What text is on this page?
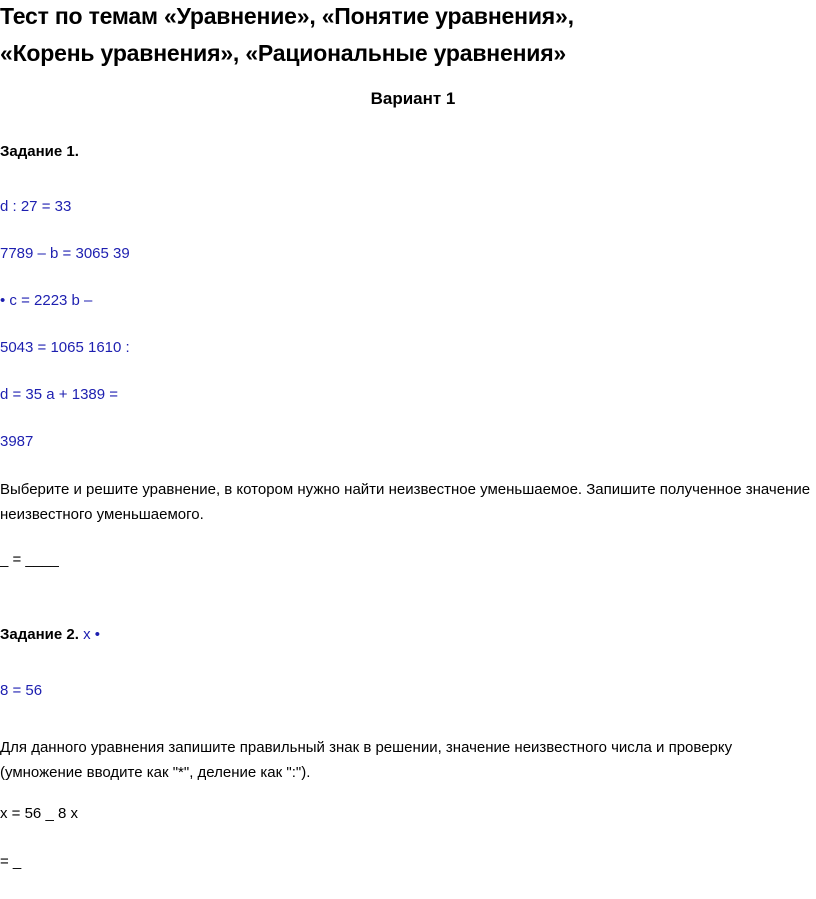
Тест по темам «Уравнение», «Понятие уравнения»,
«Корень уравнения», «Рациональные уравнения»
Вариант 1
Задание 1.
d : 27 = 33
7789 – b = 3065 39
• c = 2223 b –
5043 = 1065 1610 :
d = 35 a + 1389 =
3987
Выберите и решите уравнение, в котором нужно найти неизвестное уменьшаемое. Запишите полученное значение неизвестного уменьшаемого.
_ = ____
Задание 2. x •
8 = 56
Для данного уравнения запишите правильный знак в решении, значение неизвестного числа и проверку (умножение вводите как "*", деление как ":").
x = 56 _ 8 x
= _
